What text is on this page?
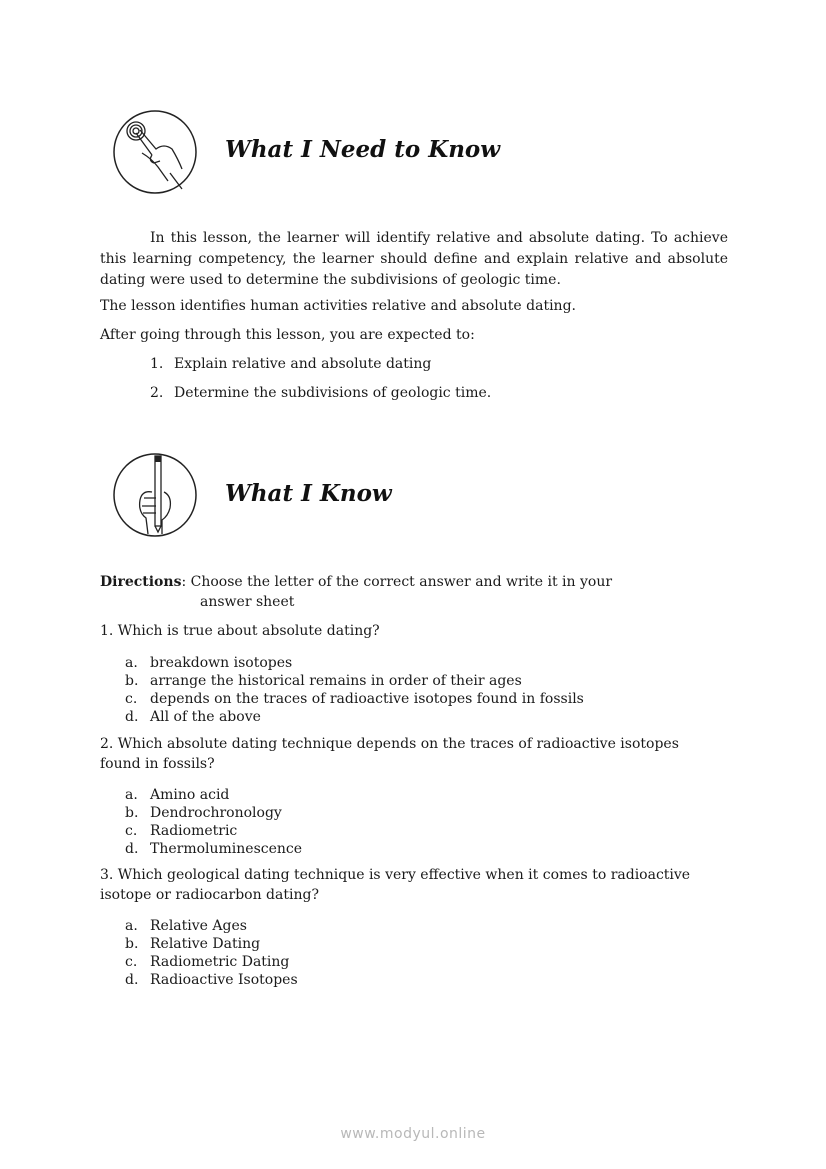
What I Need to Know
In this lesson, the learner will identify relative and absolute dating. To achieve this learning competency, the learner should define and explain relative and absolute dating were used to determine the subdivisions of geologic time.
The lesson identifies human activities relative and absolute dating.
After going through this lesson, you are expected to:
1. Explain relative and absolute dating
2. Determine the subdivisions of geologic time.
What I Know
Directions: Choose the letter of the correct answer and write it in your
answer sheet
1. Which is true about absolute dating?
a. breakdown isotopes
b. arrange the historical remains in order of their ages
c. depends on the traces of radioactive isotopes found in fossils
d. All of the above
2. Which absolute dating technique depends on the traces of radioactive isotopes
found in fossils?
a. Amino acid
b. Dendrochronology
c. Radiometric
d. Thermoluminescence
3. Which geological dating technique is very effective when it comes to radioactive
isotope or radiocarbon dating?
a. Relative Ages
b. Relative Dating
c. Radiometric Dating
d. Radioactive Isotopes
www.modyul.online
